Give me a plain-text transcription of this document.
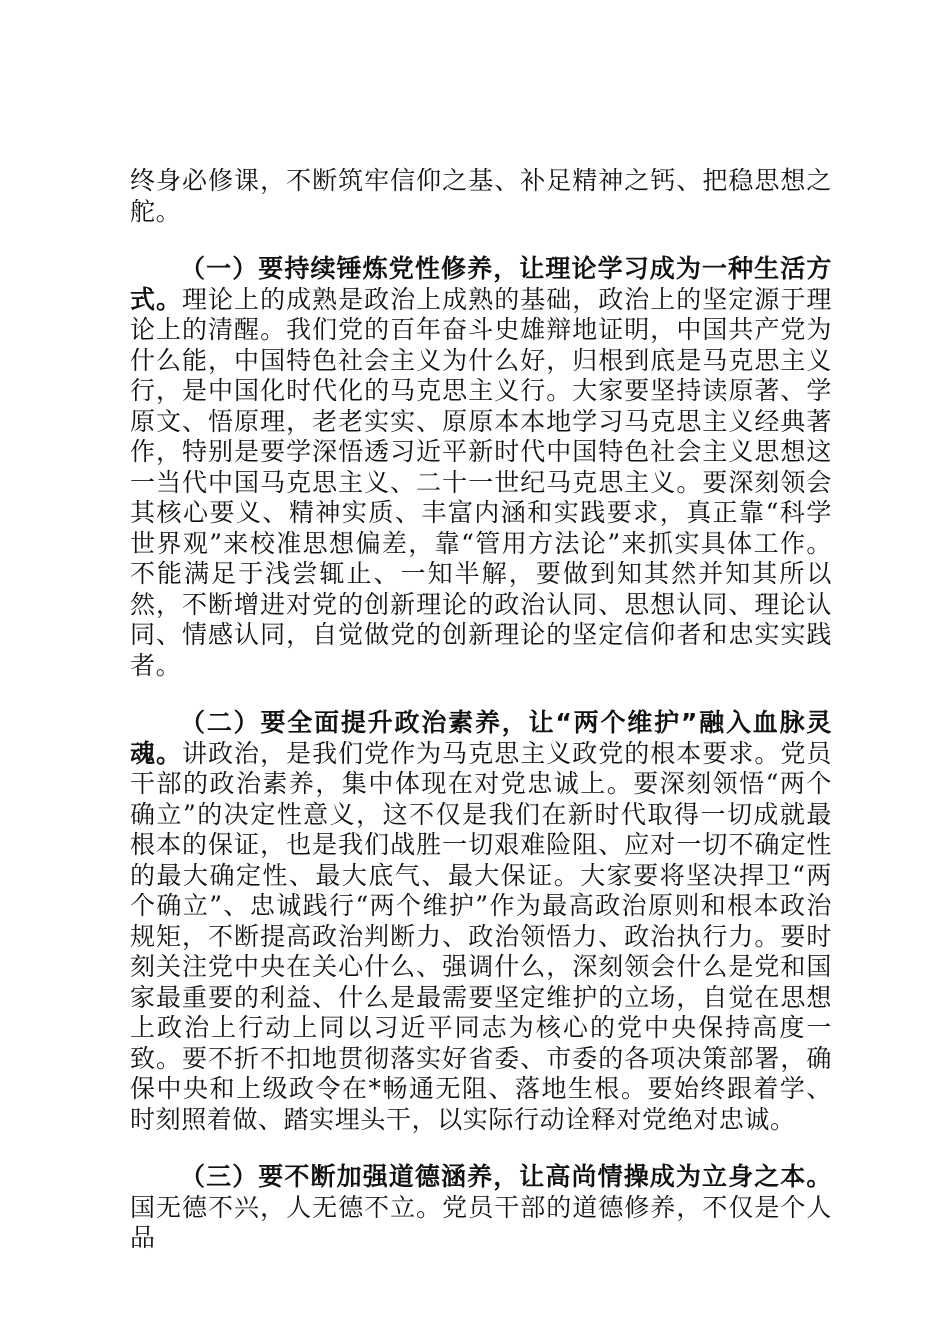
终身必修课，不断筑牢信仰之基、补足精神之钙、把稳思想之舵。

（一）要持续锤炼党性修养，让理论学习成为一种生活方式。理论上的成熟是政治上成熟的基础，政治上的坚定源于理论上的清醒。我们党的百年奋斗史雄辩地证明，中国共产党为什么能，中国特色社会主义为什么好，归根到底是马克思主义行，是中国化时代化的马克思主义行。大家要坚持读原著、学原文、悟原理，老老实实、原原本本地学习马克思主义经典著作，特别是要学深悟透习近平新时代中国特色社会主义思想这一当代中国马克思主义、二十一世纪马克思主义。要深刻领会其核心要义、精神实质、丰富内涵和实践要求，真正靠“科学世界观”来校准思想偏差，靠“管用方法论”来抓实具体工作。不能满足于浅尝辄止、一知半解，要做到知其然并知其所以然，不断增进对党的创新理论的政治认同、思想认同、理论认同、情感认同，自觉做党的创新理论的坚定信仰者和忠实实践者。

（二）要全面提升政治素养，让“两个维护”融入血脉灵魂。讲政治，是我们党作为马克思主义政党的根本要求。党员干部的政治素养，集中体现在对党忠诚上。要深刻领悟“两个确立”的决定性意义，这不仅是我们在新时代取得一切成就最根本的保证，也是我们战胜一切艰难险阻、应对一切不确定性的最大确定性、最大底气、最大保证。大家要将坚决捍卫“两个确立”、忠诚践行“两个维护”作为最高政治原则和根本政治规矩，不断提高政治判断力、政治领悟力、政治执行力。要时刻关注党中央在关心什么、强调什么，深刻领会什么是党和国家最重要的利益、什么是最需要坚定维护的立场，自觉在思想上政治上行动上同以习近平同志为核心的党中央保持高度一致。要不折不扣地贯彻落实好省委、市委的各项决策部署，确保中央和上级政令在*畅通无阻、落地生根。要始终跟着学、时刻照着做、踏实埋头干，以实际行动诠释对党绝对忠诚。

（三）要不断加强道德涵养，让高尚情操成为立身之本。国无德不兴，人无德不立。党员干部的道德修养，不仅是个人品
